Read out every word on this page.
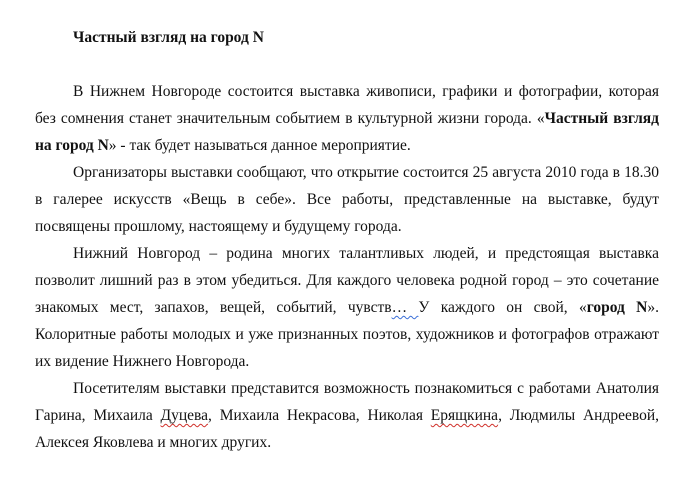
Частный взгляд на город N

В Нижнем Новгороде состоится выставка живописи, графики и фотографии, которая без сомнения станет значительным событием в культурной жизни города. «Частный взгляд на город N» - так будет называться данное мероприятие.

Организаторы выставки сообщают, что открытие состоится 25 августа 2010 года в 18.30 в галерее искусств «Вещь в себе». Все работы, представленные на выставке, будут посвящены прошлому, настоящему и будущему города.

Нижний Новгород – родина многих талантливых людей, и предстоящая выставка позволит лишний раз в этом убедиться. Для каждого человека родной город – это сочетание знакомых мест, запахов, вещей, событий, чувств… У каждого он свой, «город N». Колоритные работы молодых и уже признанных поэтов, художников и фотографов отражают их видение Нижнего Новгорода.

Посетителям выставки представится возможность познакомиться с работами Анатолия Гарина, Михаила Дуцева, Михаила Некрасова, Николая Ерящкина, Людмилы Андреевой, Алексея Яковлева и многих других.
